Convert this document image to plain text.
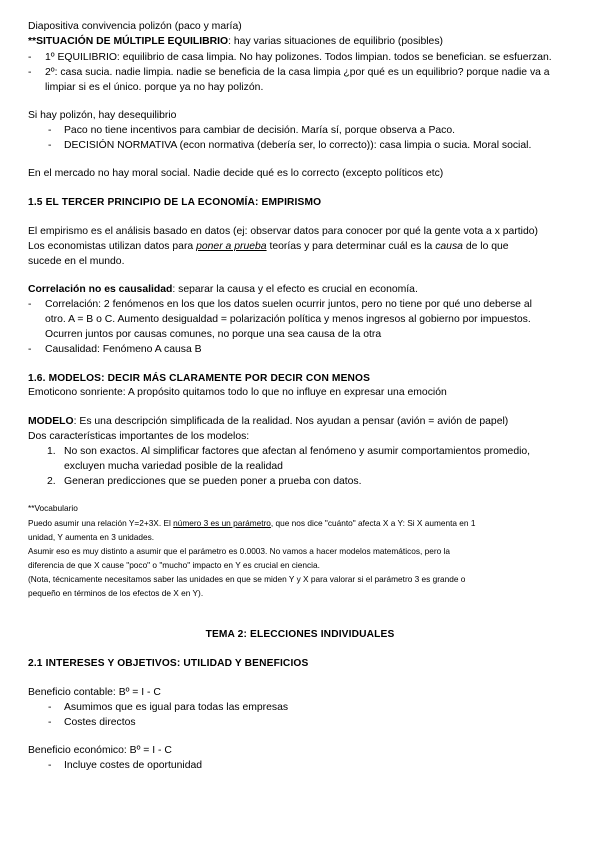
Diapositiva convivencia polizón (paco y maría)
**SITUACIÓN DE MÚLTIPLE EQUILIBRIO: hay varias situaciones de equilibrio (posibles)
- 1º EQUILIBRIO: equilibrio de casa limpia. No hay polizones. Todos limpian. todos se benefician. se esfuerzan.
- 2º: casa sucia. nadie limpia. nadie se beneficia de la casa limpia ¿por qué es un equilibrio? porque nadie va a
limpiar si es el único. porque ya no hay polizón.
Si hay polizón, hay desequilibrio
- Paco no tiene incentivos para cambiar de decisión. María sí, porque observa a Paco.
- DECISIÓN NORMATIVA (econ normativa (debería ser, lo correcto)): casa limpia o sucia. Moral social.
En el mercado no hay moral social. Nadie decide qué es lo correcto (excepto políticos etc)
1.5 EL TERCER PRINCIPIO DE LA ECONOMÍA: EMPIRISMO
El empirismo es el análisis basado en datos (ej: observar datos para conocer por qué la gente vota a x partido)
Los economistas utilizan datos para poner a prueba teorías y para determinar cuál es la causa de lo que
sucede en el mundo.
Correlación no es causalidad: separar la causa y el efecto es crucial en economía.
- Correlación: 2 fenómenos en los que los datos suelen ocurrir juntos, pero no tiene por qué uno deberse al
otro. A = B o C. Aumento desigualdad = polarización política y menos ingresos al gobierno por impuestos.
Ocurren juntos por causas comunes, no porque una sea causa de la otra
- Causalidad: Fenómeno A causa B
1.6. MODELOS: DECIR MÁS CLARAMENTE POR DECIR CON MENOS
Emoticono sonriente: A propósito quitamos todo lo que no influye en expresar una emoción
MODELO: Es una descripción simplificada de la realidad. Nos ayudan a pensar (avión = avión de papel)
Dos características importantes de los modelos:
1. No son exactos. Al simplificar factores que afectan al fenómeno y asumir comportamientos promedio,
excluyen mucha variedad posible de la realidad
2. Generan predicciones que se pueden poner a prueba con datos.
**Vocabulario
Puedo asumir una relación Y=2+3X. El número 3 es un parámetro, que nos dice "cuánto" afecta X a Y: Si X aumenta en 1
unidad, Y aumenta en 3 unidades.
Asumir eso es muy distinto a asumir que el parámetro es 0.0003. No vamos a hacer modelos matemáticos, pero la
diferencia de que X cause "poco" o "mucho" impacto en Y es crucial en ciencia.
(Nota, técnicamente necesitamos saber las unidades en que se miden Y y X para valorar si el parámetro 3 es grande o
pequeño en términos de los efectos de X en Y).
TEMA 2: ELECCIONES INDIVIDUALES
2.1 INTERESES Y OBJETIVOS: UTILIDAD Y BENEFICIOS
Beneficio contable: Bº = I - C
- Asumimos que es igual para todas las empresas
- Costes directos
Beneficio económico: Bº = I - C
- Incluye costes de oportunidad
